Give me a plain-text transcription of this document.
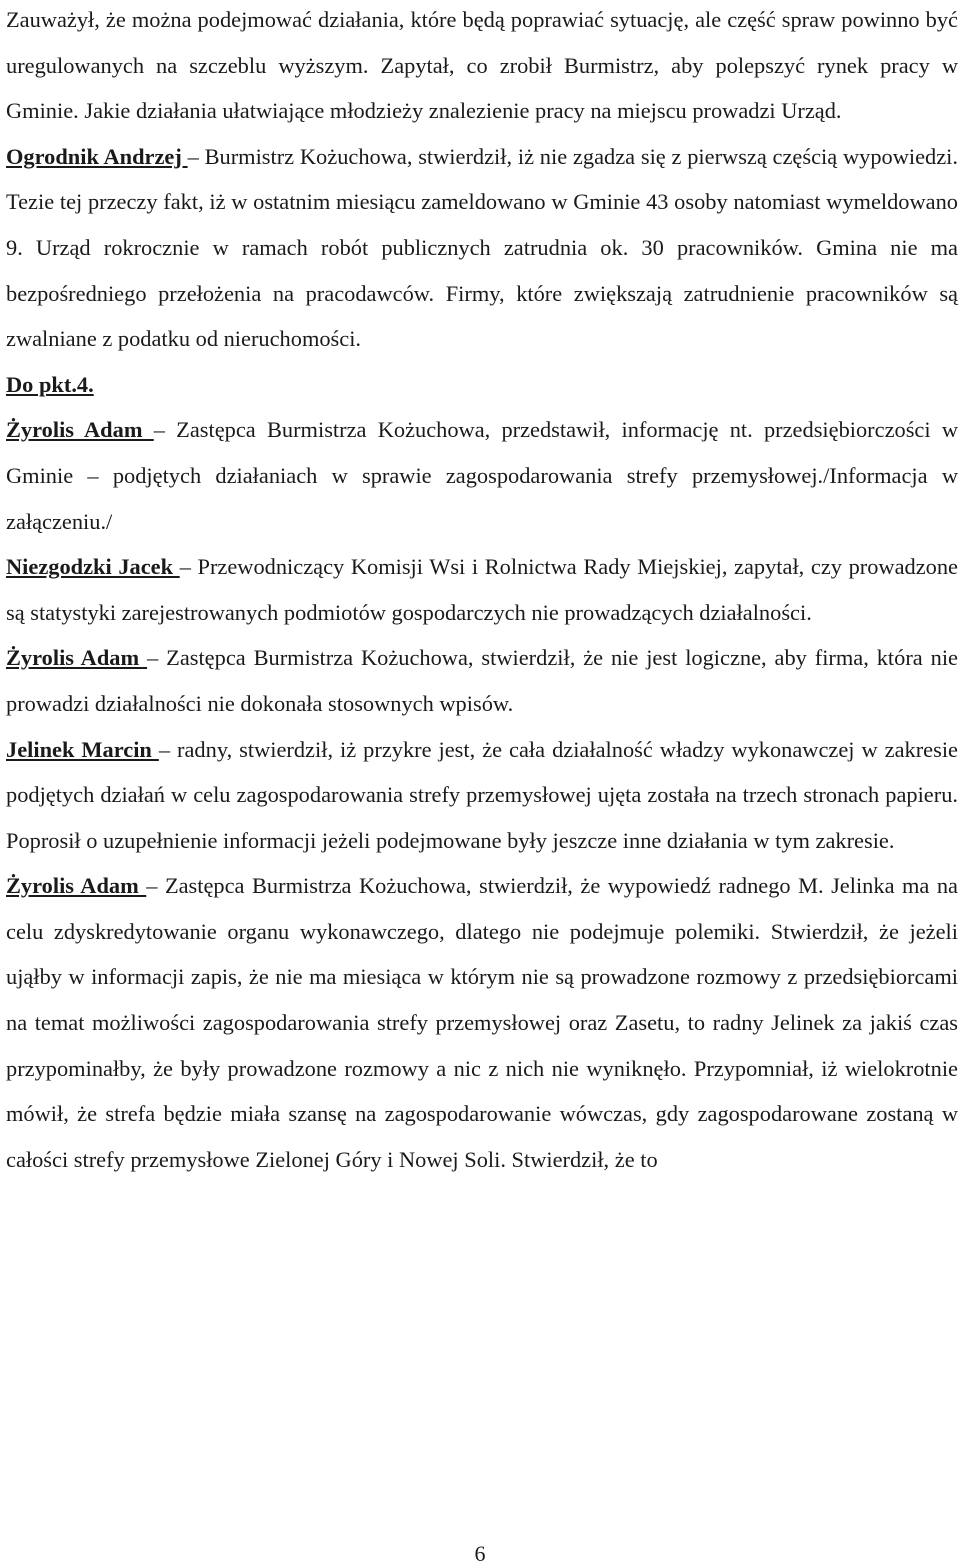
Zauważył, że można podejmować działania, które będą poprawiać sytuację, ale część spraw powinno być uregulowanych na szczeblu wyższym. Zapytał, co zrobił Burmistrz, aby polepszyć rynek pracy w Gminie. Jakie działania ułatwiające młodzieży znalezienie pracy na miejscu prowadzi Urząd.

Ogrodnik Andrzej – Burmistrz Kożuchowa, stwierdził, iż nie zgadza się z pierwszą częścią wypowiedzi. Tezie tej przeczy fakt, iż w ostatnim miesiącu zameldowano w Gminie 43 osoby natomiast wymeldowano 9. Urząd rokrocznie w ramach robót publicznych zatrudnia ok. 30 pracowników. Gmina nie ma bezpośredniego przełożenia na pracodawców. Firmy, które zwiększają zatrudnienie pracowników są zwalniane z podatku od nieruchomości.

Do pkt.4.

Żyrolis Adam – Zastępca Burmistrza Kożuchowa, przedstawił, informację nt. przedsiębiorczości w Gminie – podjętych działaniach w sprawie zagospodarowania strefy przemysłowej./Informacja w załączeniu./

Niezgodzki Jacek – Przewodniczący Komisji Wsi i Rolnictwa Rady Miejskiej, zapytał, czy prowadzone są statystyki zarejestrowanych podmiotów gospodarczych nie prowadzących działalności.

Żyrolis Adam – Zastępca Burmistrza Kożuchowa, stwierdził, że nie jest logiczne, aby firma, która nie prowadzi działalności nie dokonała stosownych wpisów.

Jelinek Marcin – radny, stwierdził, iż przykre jest, że cała działalność władzy wykonawczej w zakresie podjętych działań w celu zagospodarowania strefy przemysłowej ujęta została na trzech stronach papieru. Poprosił o uzupełnienie informacji jeżeli podejmowane były jeszcze inne działania w tym zakresie.

Żyrolis Adam – Zastępca Burmistrza Kożuchowa, stwierdził, że wypowiedź radnego M. Jelinka ma na celu zdyskredytowanie organu wykonawczego, dlatego nie podejmuje polemiki. Stwierdził, że jeżeli ująłby w informacji zapis, że nie ma miesiąca w którym nie są prowadzone rozmowy z przedsiębiorcami na temat możliwości zagospodarowania strefy przemysłowej oraz Zasetu, to radny Jelinek za jakiś czas przypominałby, że były prowadzone rozmowy a nic z nich nie wyniknęło. Przypomniał, iż wielokrotnie mówił, że strefa będzie miała szansę na zagospodarowanie wówczas, gdy zagospodarowane zostaną w całości strefy przemysłowe Zielonej Góry i Nowej Soli. Stwierdził, że to

6
